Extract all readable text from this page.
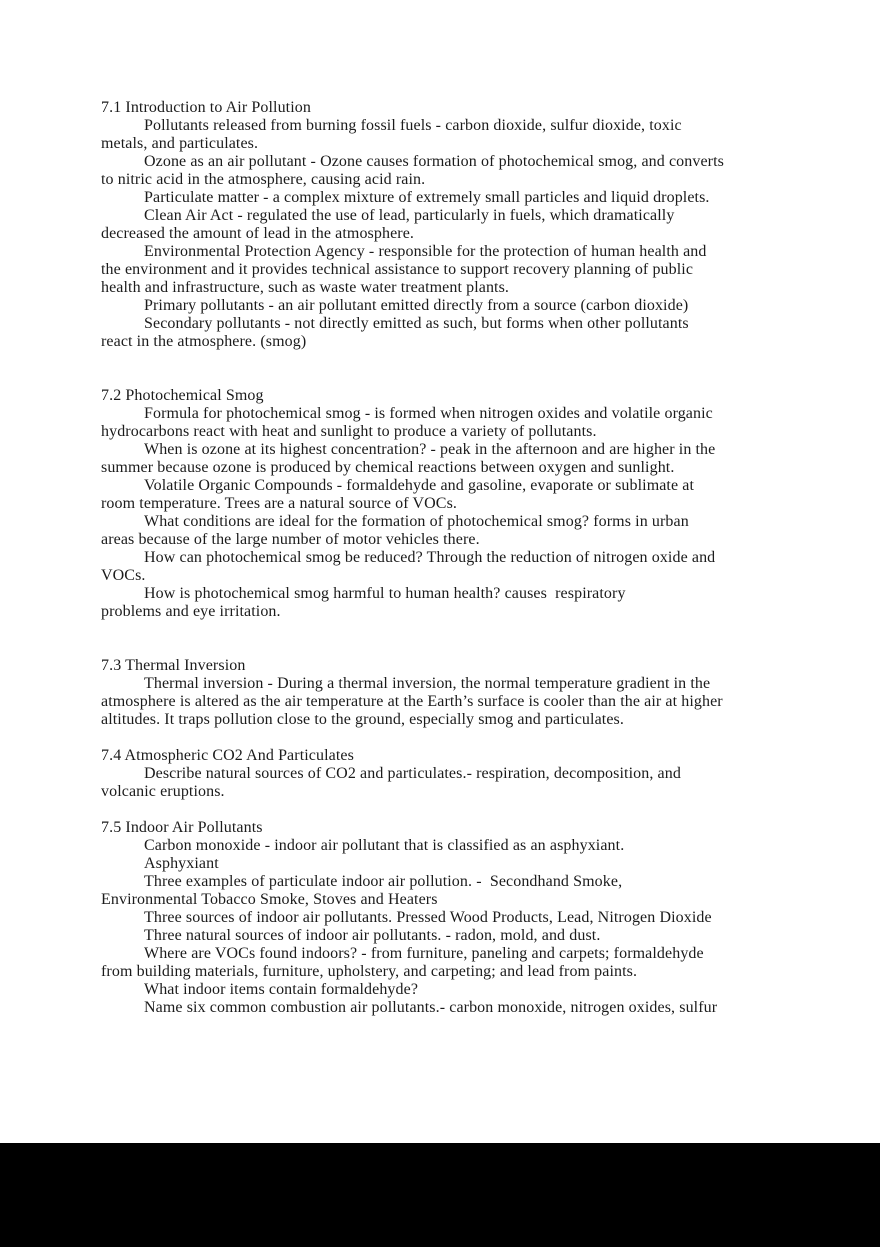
7.1 Introduction to Air Pollution
Pollutants released from burning fossil fuels - carbon dioxide, sulfur dioxide, toxic
metals, and particulates.
Ozone as an air pollutant - Ozone causes formation of photochemical smog, and converts
to nitric acid in the atmosphere, causing acid rain.
Particulate matter - a complex mixture of extremely small particles and liquid droplets.
Clean Air Act - regulated the use of lead, particularly in fuels, which dramatically
decreased the amount of lead in the atmosphere.
Environmental Protection Agency - responsible for the protection of human health and
the environment and it provides technical assistance to support recovery planning of public
health and infrastructure, such as waste water treatment plants.
Primary pollutants - an air pollutant emitted directly from a source (carbon dioxide)
Secondary pollutants - not directly emitted as such, but forms when other pollutants
react in the atmosphere. (smog)
7.2 Photochemical Smog
Formula for photochemical smog - is formed when nitrogen oxides and volatile organic
hydrocarbons react with heat and sunlight to produce a variety of pollutants.
When is ozone at its highest concentration? - peak in the afternoon and are higher in the
summer because ozone is produced by chemical reactions between oxygen and sunlight.
Volatile Organic Compounds - formaldehyde and gasoline, evaporate or sublimate at
room temperature. Trees are a natural source of VOCs.
What conditions are ideal for the formation of photochemical smog? forms in urban
areas because of the large number of motor vehicles there.
How can photochemical smog be reduced? Through the reduction of nitrogen oxide and
VOCs.
How is photochemical smog harmful to human health? causes  respiratory
problems and eye irritation.
7.3 Thermal Inversion
Thermal inversion - During a thermal inversion, the normal temperature gradient in the
atmosphere is altered as the air temperature at the Earth’s surface is cooler than the air at higher
altitudes. It traps pollution close to the ground, especially smog and particulates.
7.4 Atmospheric CO2 And Particulates
Describe natural sources of CO2 and particulates.- respiration, decomposition, and
volcanic eruptions.
7.5 Indoor Air Pollutants
Carbon monoxide - indoor air pollutant that is classified as an asphyxiant.
Asphyxiant
Three examples of particulate indoor air pollution. -  Secondhand Smoke,
Environmental Tobacco Smoke, Stoves and Heaters
Three sources of indoor air pollutants. Pressed Wood Products, Lead, Nitrogen Dioxide
Three natural sources of indoor air pollutants. - radon, mold, and dust.
Where are VOCs found indoors? - from furniture, paneling and carpets; formaldehyde
from building materials, furniture, upholstery, and carpeting; and lead from paints.
What indoor items contain formaldehyde?
Name six common combustion air pollutants.- carbon monoxide, nitrogen oxides, sulfur
